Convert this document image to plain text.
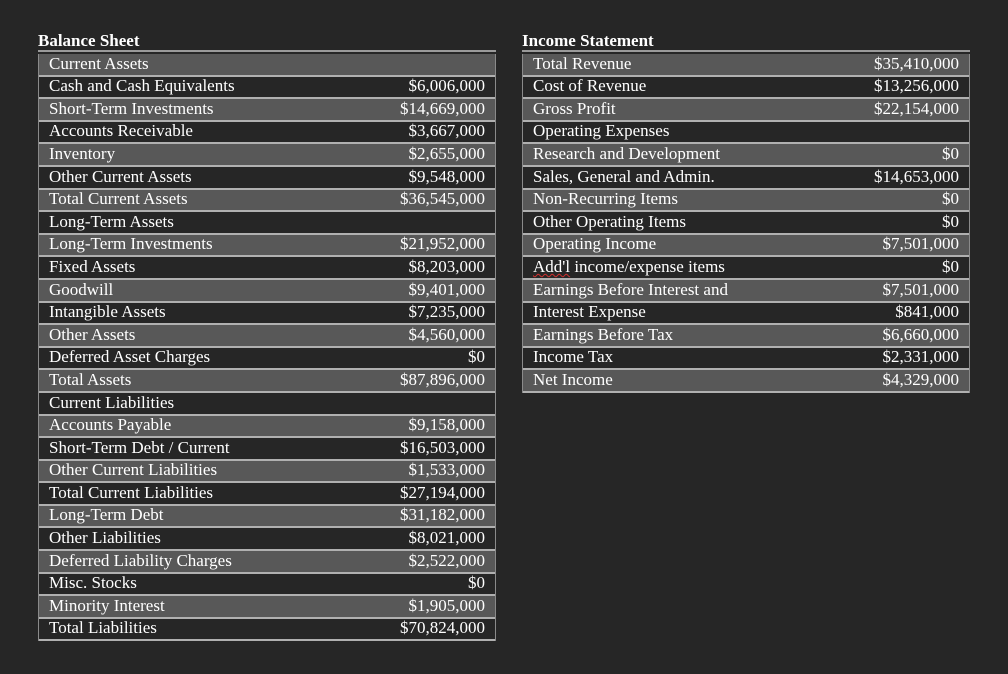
Balance Sheet
Current Assets
Cash and Cash Equivalents	$6,006,000
Short-Term Investments	$14,669,000
Accounts Receivable	$3,667,000
Inventory	$2,655,000
Other Current Assets	$9,548,000
Total Current Assets	$36,545,000
Long-Term Assets
Long-Term Investments	$21,952,000
Fixed Assets	$8,203,000
Goodwill	$9,401,000
Intangible Assets	$7,235,000
Other Assets	$4,560,000
Deferred Asset Charges	$0
Total Assets	$87,896,000
Current Liabilities
Accounts Payable	$9,158,000
Short-Term Debt / Current	$16,503,000
Other Current Liabilities	$1,533,000
Total Current Liabilities	$27,194,000
Long-Term Debt	$31,182,000
Other Liabilities	$8,021,000
Deferred Liability Charges	$2,522,000
Misc. Stocks	$0
Minority Interest	$1,905,000
Total Liabilities	$70,824,000
Income Statement
Total Revenue	$35,410,000
Cost of Revenue	$13,256,000
Gross Profit	$22,154,000
Operating Expenses
Research and Development	$0
Sales, General and Admin.	$14,653,000
Non-Recurring Items	$0
Other Operating Items	$0
Operating Income	$7,501,000
Add'l income/expense items	$0
Earnings Before Interest and	$7,501,000
Interest Expense	$841,000
Earnings Before Tax	$6,660,000
Income Tax	$2,331,000
Net Income	$4,329,000
